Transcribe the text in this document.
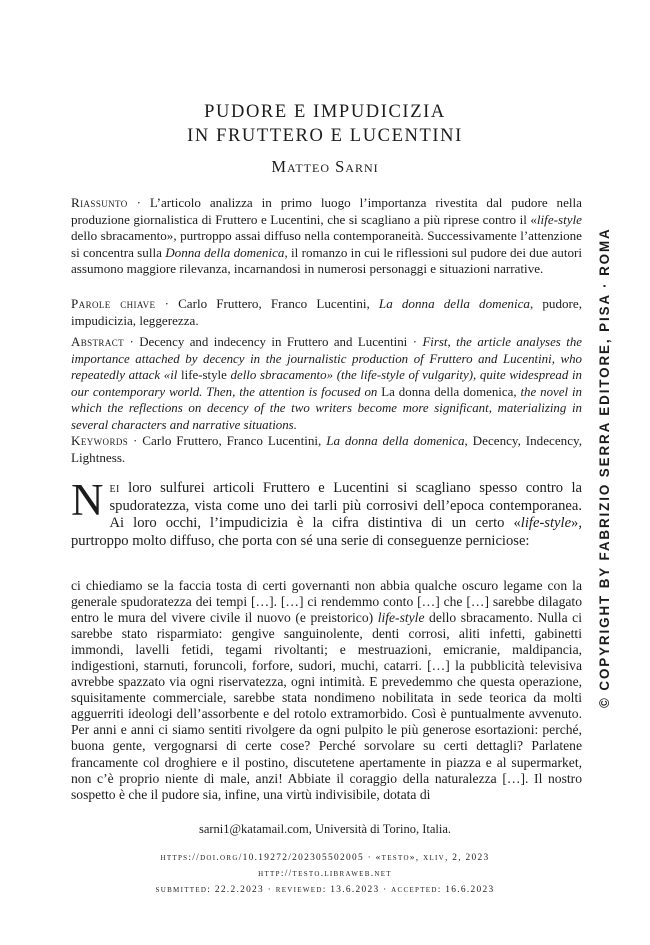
PUDORE E IMPUDICIZIA
IN FRUTTERO E LUCENTINI
Matteo Sarni
Riassunto · L’articolo analizza in primo luogo l’importanza rivestita dal pudore nella produzione giornalistica di Fruttero e Lucentini, che si scagliano a più riprese contro il «life-style dello sbracamento», purtroppo assai diffuso nella contemporaneità. Successivamente l’attenzione si concentra sulla Donna della domenica, il romanzo in cui le riflessioni sul pudore dei due autori assumono maggiore rilevanza, incarnandosi in numerosi personaggi e situazioni narrative.
Parole chiave · Carlo Fruttero, Franco Lucentini, La donna della domenica, pudore, impudicizia, leggerezza.
Abstract · Decency and indecency in Fruttero and Lucentini · First, the article analyses the importance attached by decency in the journalistic production of Fruttero and Lucentini, who repeatedly attack «il life-style dello sbracamento» (the life-style of vulgarity), quite widespread in our contemporary world. Then, the attention is focused on La donna della domenica, the novel in which the reflections on decency of the two writers become more significant, materializing in several characters and narrative situations.
Keywords · Carlo Fruttero, Franco Lucentini, La donna della domenica, Decency, Indecency, Lightness.

Nei loro sulfurei articoli Fruttero e Lucentini si scagliano spesso contro la spudoratezza, vista come uno dei tarli più corrosivi dell’epoca contemporanea. Ai loro occhi, l’impudicizia è la cifra distintiva di un certo «life-style», purtroppo molto diffuso, che porta con sé una serie di conseguenze perniciose:

ci chiediamo se la faccia tosta di certi governanti non abbia qualche oscuro legame con la generale spudoratezza dei tempi […]. […] ci rendemmo conto […] che […] sarebbe dilagato entro le mura del vivere civile il nuovo (e preistorico) life-style dello sbracamento. Nulla ci sarebbe stato risparmiato: gengive sanguinolente, denti corrosi, aliti infetti, gabinetti immondi, lavelli fetidi, tegami rivoltanti; e mestruazioni, emicranie, maldipancia, indigestioni, starnuti, foruncoli, forfore, sudori, muchi, catarri. […] la pubblicità televisiva avrebbe spazzato via ogni riservatezza, ogni intimità. E prevedemmo che questa operazione, squisitamente commerciale, sarebbe stata nondimeno nobilitata in sede teorica da molti agguerriti ideologi dell’assorbente e del rotolo extramorbido. Così è puntualmente avvenuto. Per anni e anni ci siamo sentiti rivolgere da ogni pulpito le più generose esortazioni: perché, buona gente, vergognarsi di certe cose? Perché sorvolare su certi dettagli? Parlatene francamente col droghiere e il postino, discutetene apertamente in piazza e al supermarket, non c’è proprio niente di male, anzi! Abbiate il coraggio della naturalezza […]. Il nostro sospetto è che il pudore sia, infine, una virtù indivisibile, dotata di
sarni1@katamail.com, Università di Torino, Italia.
https://doi.org/10.19272/202305502005 · «testo», xliv, 2, 2023
http://testo.libraweb.net
submitted: 22.2.2023 · reviewed: 13.6.2023 · accepted: 16.6.2023
© COPYRIGHT BY FABRIZIO SERRA EDITORE, PISA · ROMA
